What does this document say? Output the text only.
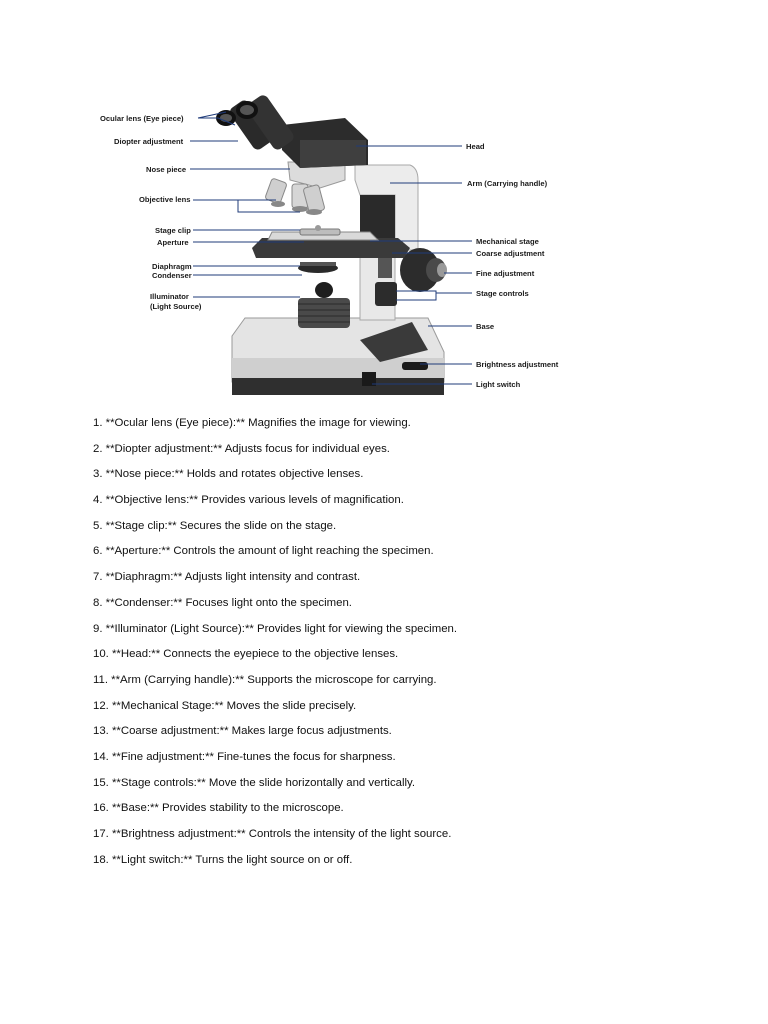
Ocular lens (Eye piece)
Diopter adjustment
Nose piece
Objective lens
Stage clip
Aperture
Diaphragm
Condenser
Illuminator
(Light Source)
Head
Arm (Carrying handle)
Mechanical stage
Coarse adjustment
Fine adjustment
Stage controls
Base
Brightness adjustment
Light switch
1. **Ocular lens (Eye piece):** Magnifies the image for viewing.
2. **Diopter adjustment:** Adjusts focus for individual eyes.
3. **Nose piece:** Holds and rotates objective lenses.
4. **Objective lens:** Provides various levels of magnification.
5. **Stage clip:** Secures the slide on the stage.
6. **Aperture:** Controls the amount of light reaching the specimen.
7. **Diaphragm:** Adjusts light intensity and contrast.
8. **Condenser:** Focuses light onto the specimen.
9. **Illuminator (Light Source):** Provides light for viewing the specimen.
10. **Head:** Connects the eyepiece to the objective lenses.
11. **Arm (Carrying handle):** Supports the microscope for carrying.
12. **Mechanical Stage:** Moves the slide precisely.
13. **Coarse adjustment:** Makes large focus adjustments.
14. **Fine adjustment:** Fine-tunes the focus for sharpness.
15. **Stage controls:** Move the slide horizontally and vertically.
16. **Base:** Provides stability to the microscope.
17. **Brightness adjustment:** Controls the intensity of the light source.
18. **Light switch:** Turns the light source on or off.
